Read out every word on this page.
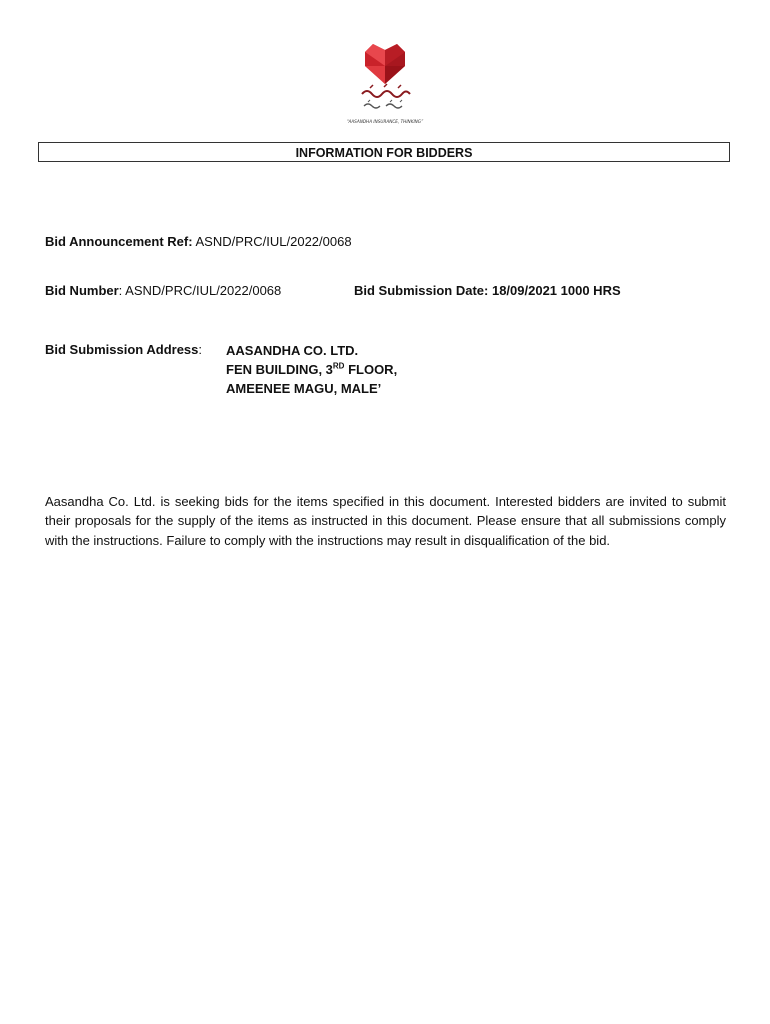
“AASANDHA INSURANCE, THINKING”
INFORMATION FOR BIDDERS
Bid Announcement Ref: ASND/PRC/IUL/2022/0068
Bid Number: ASND/PRC/IUL/2022/0068	Bid Submission Date: 18/09/2021 1000 HRS
Bid Submission Address: AASANDHA CO. LTD.
FEN BUILDING, 3RD FLOOR,
AMEENEE MAGU, MALE’
Aasandha Co. Ltd. is seeking bids for the items specified in this document. Interested bidders are invited to submit their proposals for the supply of the items as instructed in this document. Please ensure that all submissions comply with the instructions. Failure to comply with the instructions may result in disqualification of the bid.
